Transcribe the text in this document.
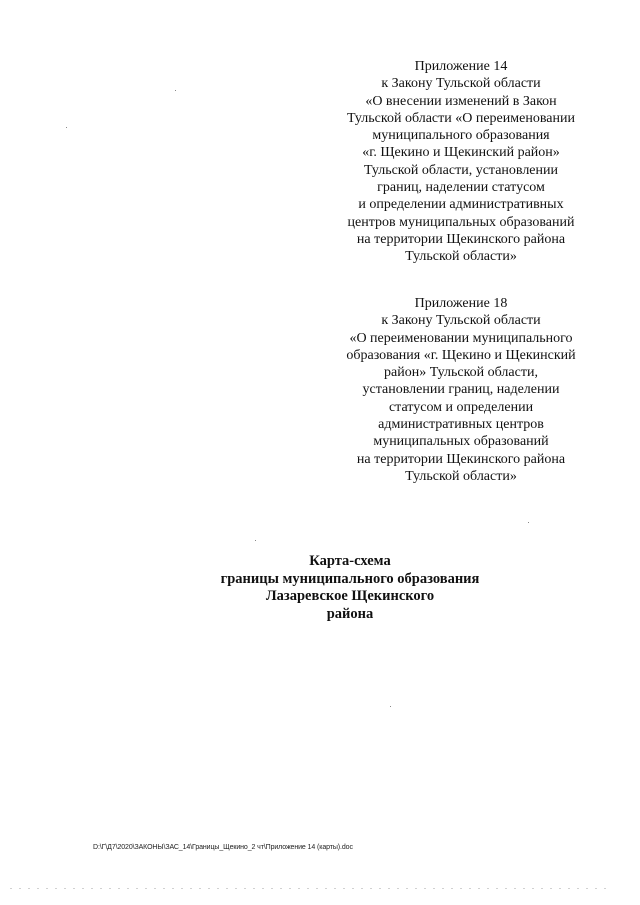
Приложение 14
к Закону Тульской области
«О внесении изменений в Закон
Тульской области «О переименовании
муниципального образования
«г. Щекино и Щекинский район»
Тульской области, установлении
границ, наделении статусом
и определении административных
центров муниципальных образований
на территории Щекинского района
Тульской области»
Приложение 18
к Закону Тульской области
«О переименовании муниципального
образования «г. Щекино и Щекинский
район» Тульской области,
установлении границ, наделении
статусом и определении
административных центров
муниципальных образований
на территории Щекинского района
Тульской области»
Карта-схема
границы муниципального образования
Лазаревское Щекинского
района
D:\Г\Д7\2020\ЗАКОНЫ\ЗАС_14\Границы_Щекино_2 чт\Приложение 14 (карты).doc
